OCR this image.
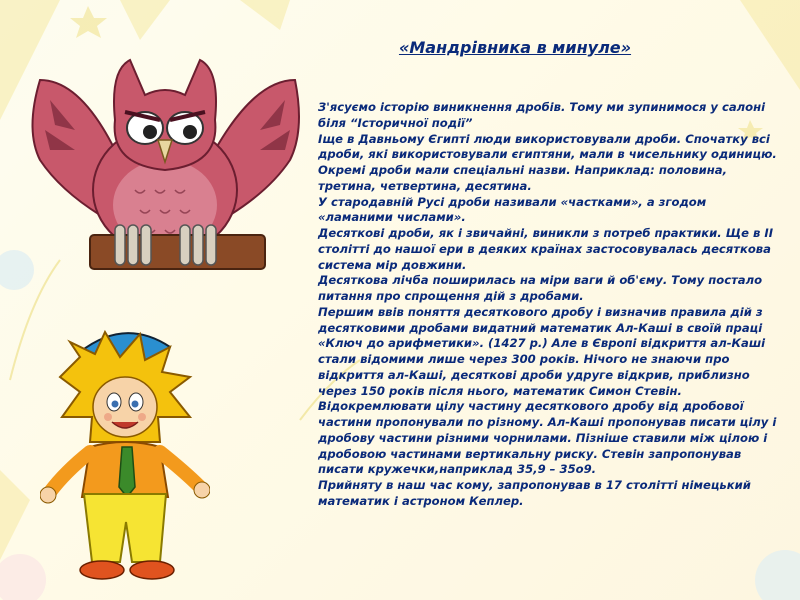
«Мандрівника в минуле»

З'ясуємо історію виникнення дробів. Тому ми зупинимося у салоні біля “Історичної події”

Іще в Давньому Єгипті люди використовували дроби. Спочатку всі дроби, які використовували єгиптяни, мали в чисельнику одиницю. Окремі дроби мали спеціальні назви. Наприклад: половина, третина, четвертина, десятина.

У стародавній Русі дроби називали «частками», а згодом «ламаними числами».

Десяткові дроби, як і звичайні, виникли з потреб практики. Ще в II столітті до нашої ери в деяких країнах застосовувалась десяткова система мір довжини.

Десяткова лічба поширилась на міри ваги й об'єму. Тому постало питання про спрощення дій з дробами.

Першим ввів поняття десяткового дробу і визначив правила дій з десятковими дробами видатний математик Ал-Каші в своїй праці «Ключ до арифметики». (1427 р.) Але в Європі відкриття ал-Каші стали відомими лише через 300 років. Нічого не знаючи про відкриття ал-Каші, десяткові дроби удруге відкрив, приблизно через 150 років після нього, математик Симон Стевін.

Відокремлювати цілу частину десяткового дробу від дробової частини пропонували по різному. Ал-Каші пропонував писати цілу і дробову частини різними чорнилами. Пізніше ставили між цілою і дробовою частинами вертикальну риску. Стевін запропонував писати кружечки,наприклад 35,9 – 35о9.

Прийняту в наш час кому, запропонував в 17 столітті німецький математик і астроном Кеплер.
